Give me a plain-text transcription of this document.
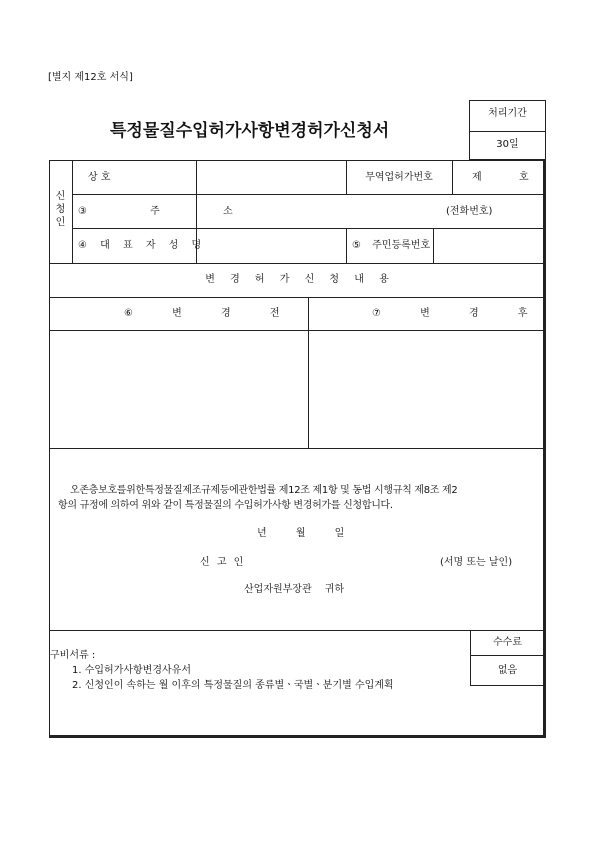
[별지 제12호 서식]
특정물질수입허가사항변경허가신청서
처리기간
30일
신
청
인
상 호	무역업허가번호	제	호
③ 주 소	(전화번호)
④ 대 표 자 성 명	⑤ 주민등록번호
변 경 허 가 신 청 내 용
⑥ 변 경 전	⑦ 변 경 후
오존층보호를위한특정물질제조규제등에관한법률 제12조 제1항 및 동법 시행규칙 제8조 제2
항의 규정에 의하여 위와 같이 특정물질의 수입허가사항 변경허가를 신청합니다.
년 월 일
신 고 인	(서명 또는 날인)
산업자원부장관 귀하
수수료
없음
구비서류 :
1. 수입허가사항변경사유서
2. 신청인이 속하는 월 이후의 특정물질의 종류별ㆍ국별ㆍ분기별 수입계획
